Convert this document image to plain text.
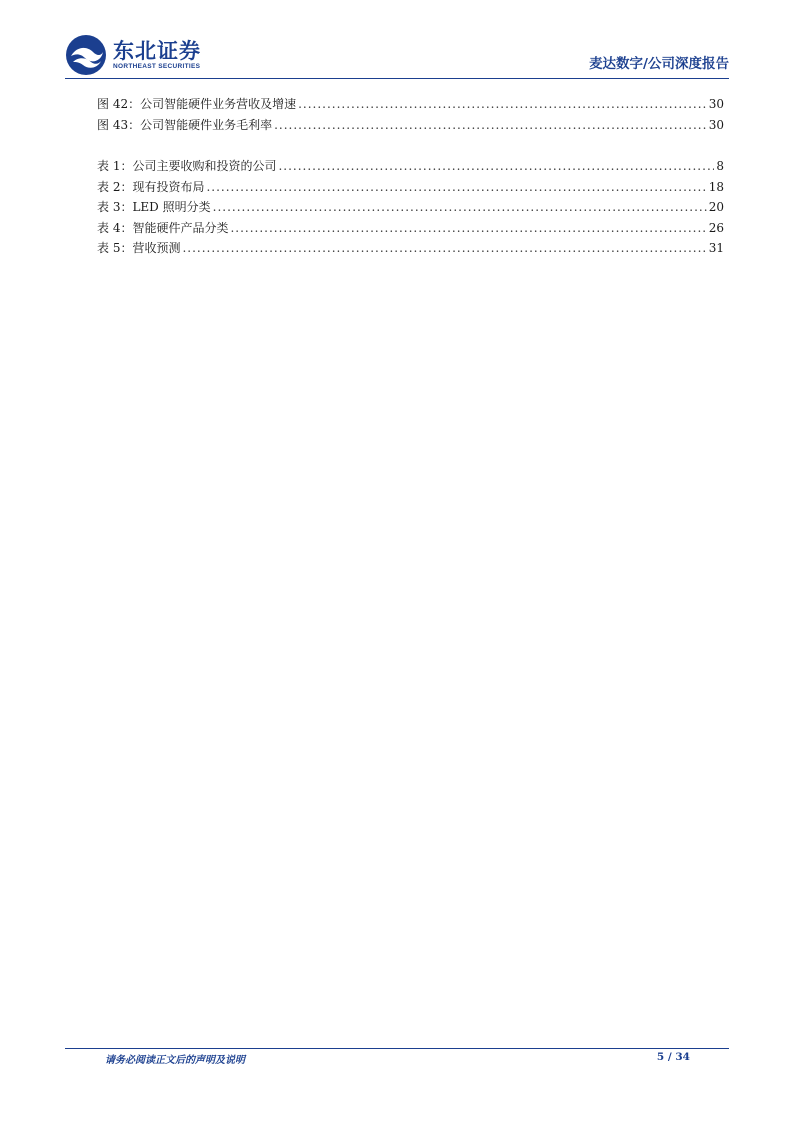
东北证券
NORTHEAST SECURITIES	麦达数字/公司深度报告
图 42：公司智能硬件业务营收及增速 .....	30
图 43：公司智能硬件业务毛利率 .....	30
表 1：公司主要收购和投资的公司 .....	8
表 2：现有投资布局 .....	18
表 3：LED 照明分类 .....	20
表 4：智能硬件产品分类 .....	26
表 5：营收预测 .....	31
请务必阅读正文后的声明及说明	5 / 34
